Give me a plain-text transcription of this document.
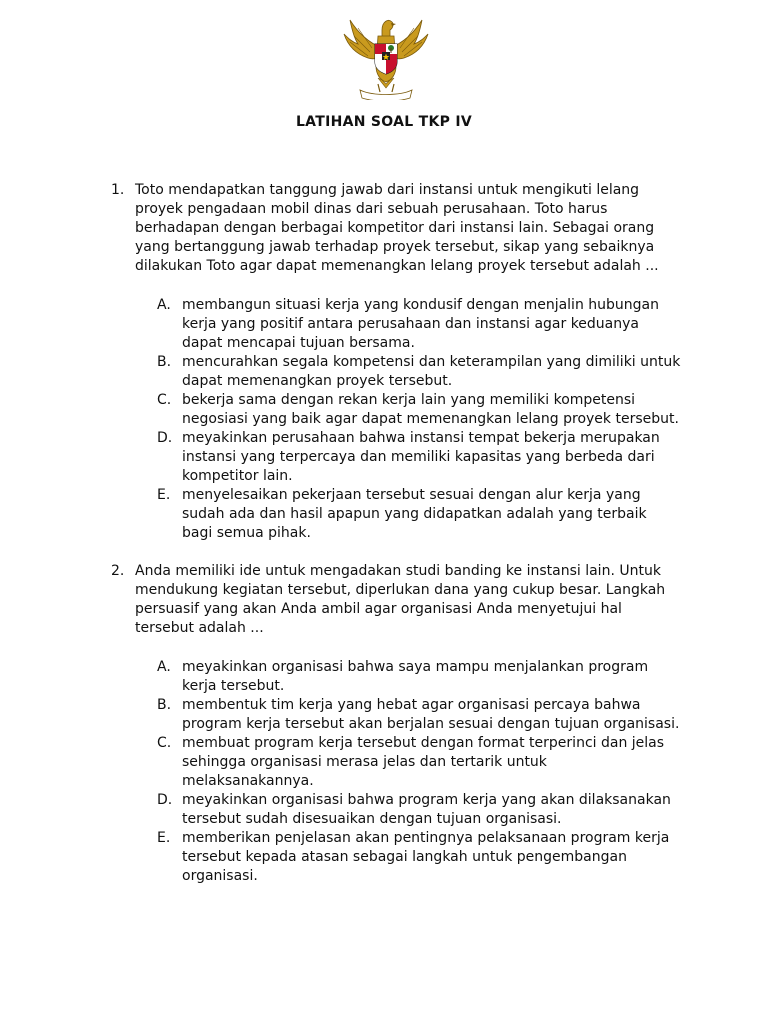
LATIHAN SOAL TKP IV
1. Toto mendapatkan tanggung jawab dari instansi untuk mengikuti lelang proyek pengadaan mobil dinas dari sebuah perusahaan. Toto harus berhadapan dengan berbagai kompetitor dari instansi lain. Sebagai orang yang bertanggung jawab terhadap proyek tersebut, sikap yang sebaiknya dilakukan Toto agar dapat memenangkan lelang proyek tersebut adalah ...

A. membangun situasi kerja yang kondusif dengan menjalin hubungan kerja yang positif antara perusahaan dan instansi agar keduanya dapat mencapai tujuan bersama.
B. mencurahkan segala kompetensi dan keterampilan yang dimiliki untuk dapat memenangkan proyek tersebut.
C. bekerja sama dengan rekan kerja lain yang memiliki kompetensi negosiasi yang baik agar dapat memenangkan lelang proyek tersebut.
D. meyakinkan perusahaan bahwa instansi tempat bekerja merupakan instansi yang terpercaya dan memiliki kapasitas yang berbeda dari kompetitor lain.
E. menyelesaikan pekerjaan tersebut sesuai dengan alur kerja yang sudah ada dan hasil apapun yang didapatkan adalah yang terbaik bagi semua pihak.
2. Anda memiliki ide untuk mengadakan studi banding ke instansi lain. Untuk mendukung kegiatan tersebut, diperlukan dana yang cukup besar. Langkah persuasif yang akan Anda ambil agar organisasi Anda menyetujui hal tersebut adalah ...

A. meyakinkan organisasi bahwa saya mampu menjalankan program kerja tersebut.
B. membentuk tim kerja yang hebat agar organisasi percaya bahwa program kerja tersebut akan berjalan sesuai dengan tujuan organisasi.
C. membuat program kerja tersebut dengan format terperinci dan jelas sehingga organisasi merasa jelas dan tertarik untuk melaksanakannya.
D. meyakinkan organisasi bahwa program kerja yang akan dilaksanakan tersebut sudah disesuaikan dengan tujuan organisasi.
E. memberikan penjelasan akan pentingnya pelaksanaan program kerja tersebut kepada atasan sebagai langkah untuk pengembangan organisasi.
